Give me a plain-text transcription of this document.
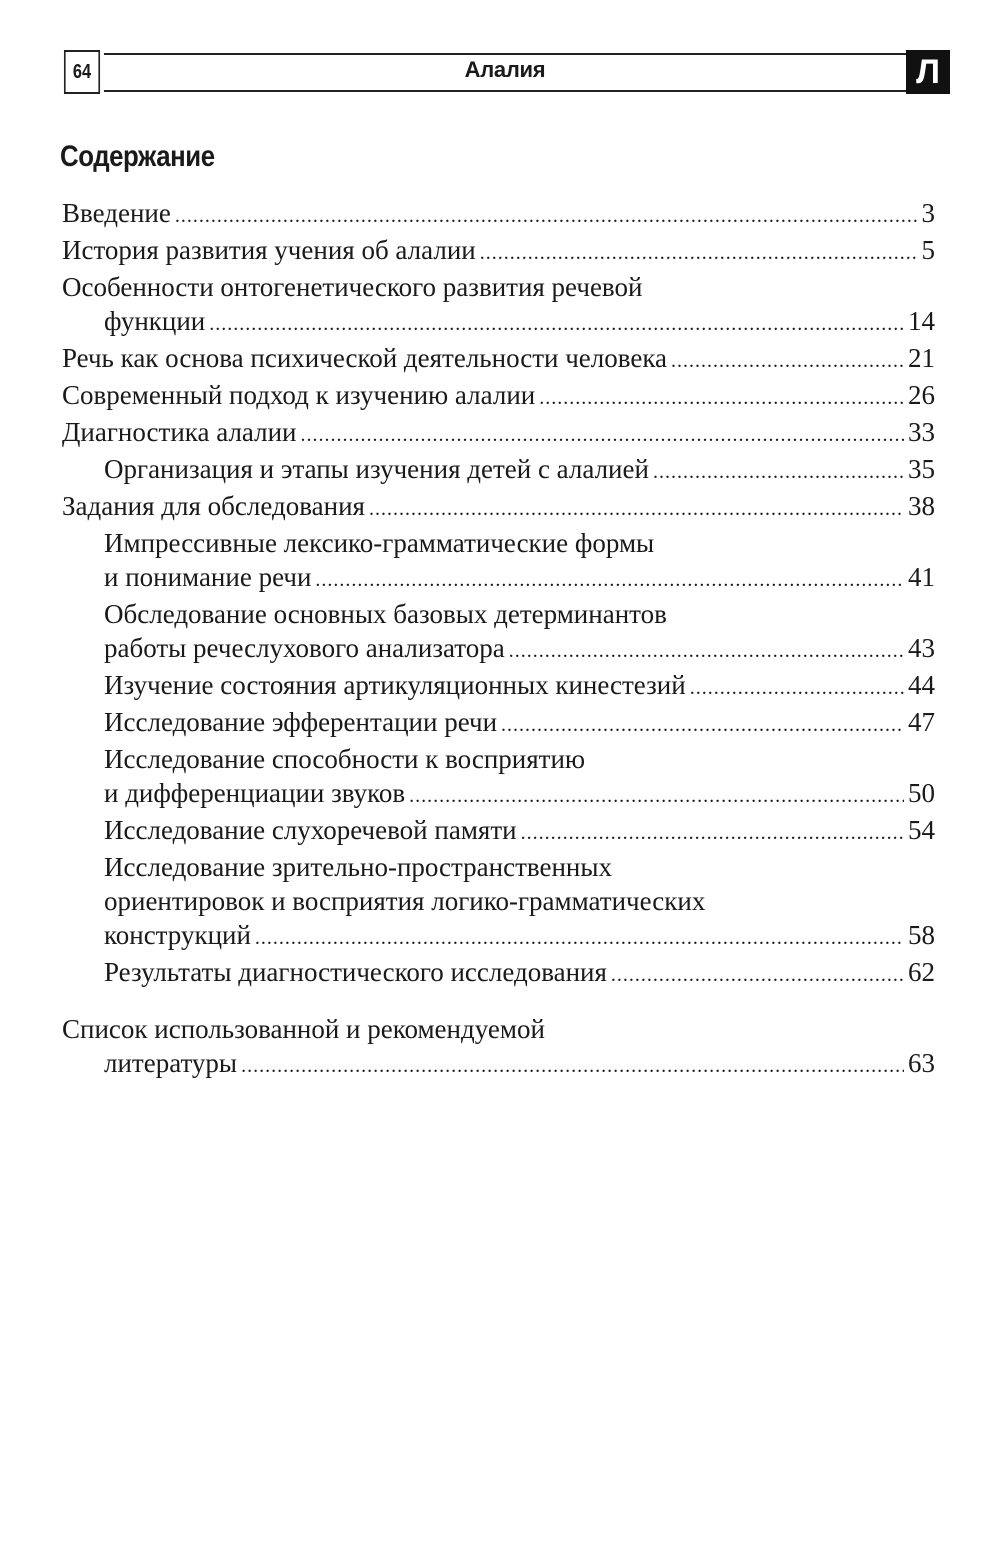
64	Алалия	Л
Содержание
Введение .....	3
История развития учения об алалии .....	5
Особенности онтогенетического развития речевой
функции .....	14
Речь как основа психической деятельности человека .....	21
Современный подход к изучению алалии .....	26
Диагностика алалии .....	33
Организация и этапы изучения детей с алалией .....	35
Задания для обследования .....	38
Импрессивные лексико-грамматические формы
и понимание речи .....	41
Обследование основных базовых детерминантов
работы речеслухового анализатора .....	43
Изучение состояния артикуляционных кинестезий .....	44
Исследование эфферентации речи .....	47
Исследование способности к восприятию
и дифференциации звуков .....	50
Исследование слухоречевой памяти .....	54
Исследование зрительно-пространственных
ориентировок и восприятия логико-грамматических
конструкций .....	58
Результаты диагностического исследования .....	62
Список использованной и рекомендуемой
литературы .....	63
